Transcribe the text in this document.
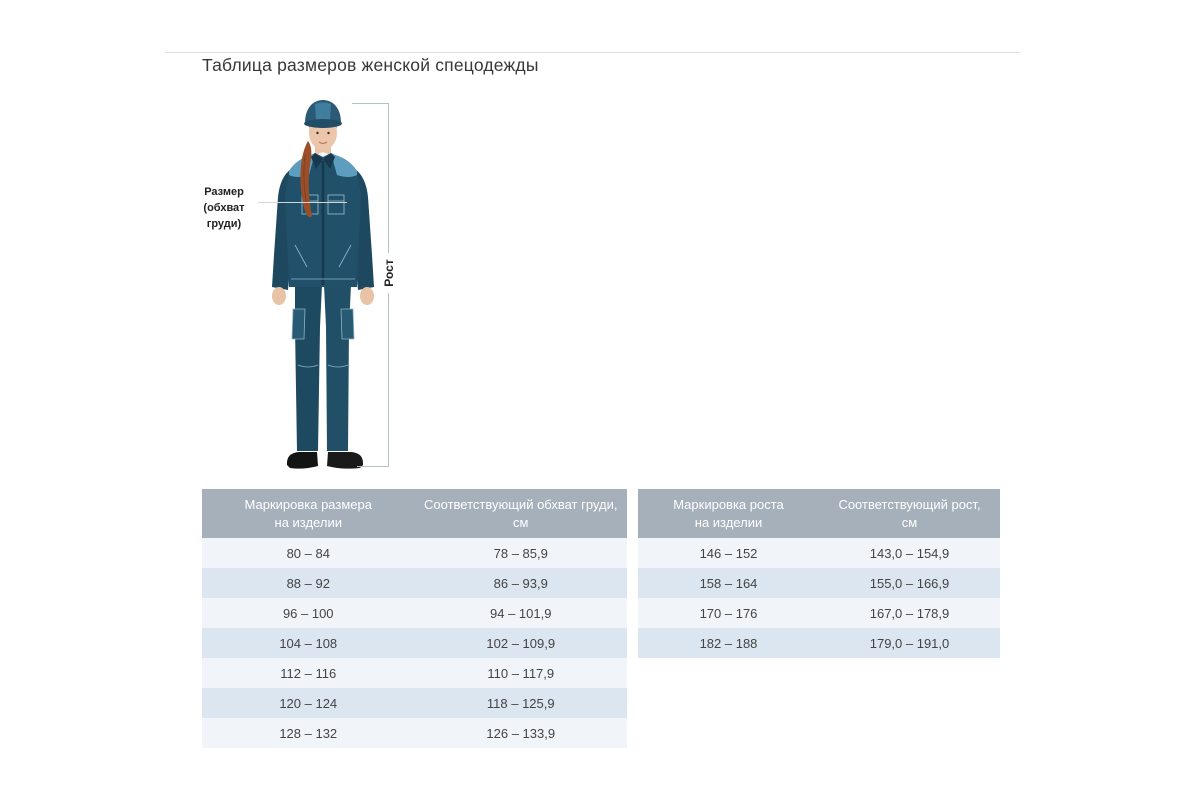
Таблица размеров женской спецодежды
Размер
(обхват
груди)
Рост
Маркировка размера
на изделии
Соответствующий обхват груди,
см
80 – 84	78 – 85,9
88 – 92	86 – 93,9
96 – 100	94 – 101,9
104 – 108	102 – 109,9
112 – 116	110 – 117,9
120 – 124	118 – 125,9
128 – 132	126 – 133,9
Маркировка роста
на изделии
Соответствующий рост,
см
146 – 152	143,0 – 154,9
158 – 164	155,0 – 166,9
170 – 176	167,0 – 178,9
182 – 188	179,0 – 191,0
